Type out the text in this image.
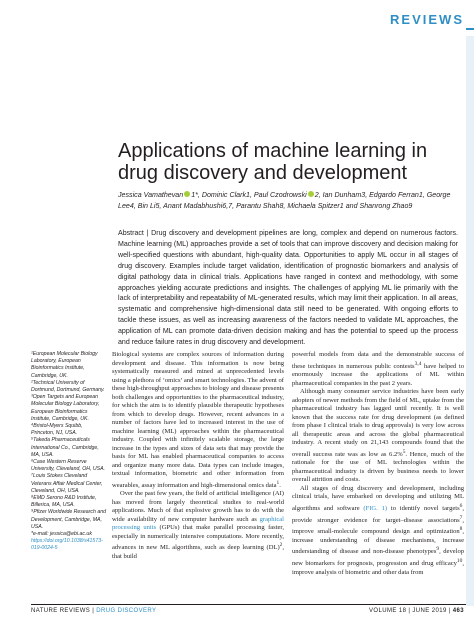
REVIEWS
Applications of machine learning in drug discovery and development
Jessica Vamathevan 1*, Dominic Clark1, Paul Czodrowski 2, Ian Dunham3, Edgardo Ferran1, George Lee4, Bin Li5, Anant Madabhushi6,7, Parantu Shah8, Michaela Spitzer1 and Shanrong Zhao9
Abstract | Drug discovery and development pipelines are long, complex and depend on numerous factors. Machine learning (ML) approaches provide a set of tools that can improve discovery and decision making for well-specified questions with abundant, high-quality data. Opportunities to apply ML occur in all stages of drug discovery. Examples include target validation, identification of prognostic biomarkers and analysis of digital pathology data in clinical trials. Applications have ranged in context and methodology, with some approaches yielding accurate predictions and insights. The challenges of applying ML lie primarily with the lack of interpretability and repeatability of ML-generated results, which may limit their application. In all areas, systematic and comprehensive high-dimensional data still need to be generated. With ongoing efforts to tackle these issues, as well as increasing awareness of the factors needed to validate ML approaches, the application of ML can promote data-driven decision making and has the potential to speed up the process and reduce failure rates in drug discovery and development.
¹European Molecular Biology Laboratory, European Bioinformatics Institute, Cambridge, UK.
²Technical University of Dortmund, Dortmund, Germany.
³Open Targets and European Molecular Biology Laboratory, European Bioinformatics Institute, Cambridge, UK.
⁴Bristol-Myers Squibb, Princeton, NJ, USA.
⁵Takeda Pharmaceuticals International Co., Cambridge, MA, USA.
⁶Case Western Reserve University, Cleveland, OH, USA.
⁷Louis Stokes Cleveland Veterans Affair Medical Center, Cleveland, OH, USA.
⁸EMD Serono R&D Institute, Billerica, MA, USA.
⁹Pfizer Worldwide Research and Development, Cambridge, MA, USA.
*e-mail: jessica@ebi.ac.uk
https://doi.org/10.1038/s41573-019-0024-5

Biological systems are complex sources of information during development and disease. This information is now being systematically measured and mined at unprecedented levels using a plethora of ‘omics’ and smart technologies. The advent of these high-throughput approaches to biology and disease presents both challenges and opportunities to the pharmaceutical industry, for which the aim is to identify plausible therapeutic hypotheses from which to develop drugs. However, recent advances in a number of factors have led to increased interest in the use of machine learning (ML) approaches within the pharmaceutical industry. Coupled with infinitely scalable storage, the large increase in the types and sizes of data sets that may provide the basis for ML has enabled pharmaceutical companies to access and organize many more data. Data types can include images, textual information, biometric and other information from wearables, assay information and high-dimensional omics data$^1$.

Over the past few years, the field of artificial intelligence (AI) has moved from largely theoretical studies to real-world applications. Much of that explosive growth has to do with the wide availability of new computer hardware such as graphical processing units (GPUs) that make parallel processing faster, especially in numerically intensive computations. More recently, advances in new ML algorithms, such as deep learning (DL)$^2$, that build

powerful models from data and the demonstrable success of these techniques in numerous public contests$^{3,4}$ have helped to enormously increase the applications of ML within pharmaceutical companies in the past 2 years.

Although many consumer service industries have been early adopters of newer methods from the field of ML, uptake from the pharmaceutical industry has lagged until recently. It is well known that the success rate for drug development (as defined from phase I clinical trials to drug approvals) is very low across all therapeutic areas and across the global pharmaceutical industry. A recent study on 21,143 compounds found that the overall success rate was as low as 6.2%$^5$. Hence, much of the rationale for the use of ML technologies within the pharmaceutical industry is driven by business needs to lower overall attrition and costs.

All stages of drug discovery and development, including clinical trials, have embarked on developing and utilizing ML algorithms and software (FIG. 1) to identify novel targets$^6$, provide stronger evidence for target–disease associations$^7$, improve small-molecule compound design and optimization$^8$, increase understanding of disease mechanisms, increase understanding of disease and non-disease phenotypes$^9$, develop new biomarkers for prognosis, progression and drug efficacy$^{10}$, improve analysis of biometric and other data from

NATURE REVIEWS | DRUG DISCOVERY	VOLUME 18 | JUNE 2019 | 463
